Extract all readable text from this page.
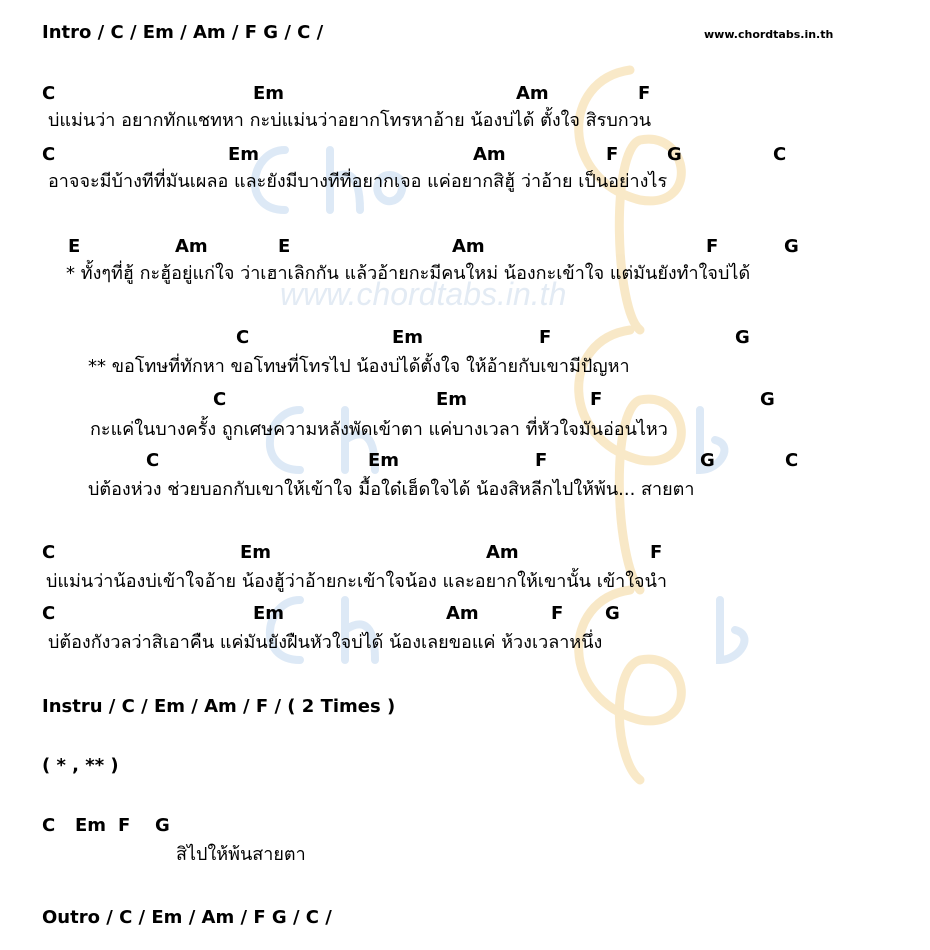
www.chordtabs.in.th
www.chordtabs.in.th
Intro / C / Em / Am / F G / C /
C	Em	Am	F
บ่แม่นว่า อยากทักแชทหา กะบ่แม่นว่าอยากโทรหาอ้าย น้องบ่ได้ ตั้งใจ สิรบกวน
C	Em	Am	F	G	C
อาจจะมีบ้างทีที่มันเผลอ และยังมีบางทีที่อยากเจอ แค่อยากสิฮู้ ว่าอ้าย เป็นอย่างไร
E	Am	E	Am	F	G
* ทั้งๆที่ฮู้ กะฮู้อยู่แก่ใจ ว่าเฮาเลิกกัน แล้วอ้ายกะมีคนใหม่ น้องกะเข้าใจ แต่มันยังทำใจบ่ได้
C	Em	F	G
** ขอโทษที่ทักหา ขอโทษที่โทรไป น้องบ่ได้ตั้งใจ ให้อ้ายกับเขามีปัญหา
C	Em	F	G
กะแค่ในบางครั้ง ถูกเศษความหลังพัดเข้าตา แค่บางเวลา ที่หัวใจมันอ่อนไหว
C	Em	F	G	C
บ่ต้องห่วง ช่วยบอกกับเขาให้เข้าใจ มื้อใด๋เฮ็ดใจได้ น้องสิหลีกไปให้พ้น... สายตา
C	Em	Am	F
บ่แม่นว่าน้องบ่เข้าใจอ้าย น้องฮู้ว่าอ้ายกะเข้าใจน้อง และอยากให้เขานั้น เข้าใจนำ
C	Em	Am	F G
บ่ต้องกังวลว่าสิเอาคืน แค่มันยังฝืนหัวใจบ่ได้ น้องเลยขอแค่ ห้วงเวลาหนึ่ง
Instru / C / Em / Am / F / ( 2 Times )
( * , ** )
C Em F G
สิไปให้พ้นสายตา
Outro / C / Em / Am / F G / C /
